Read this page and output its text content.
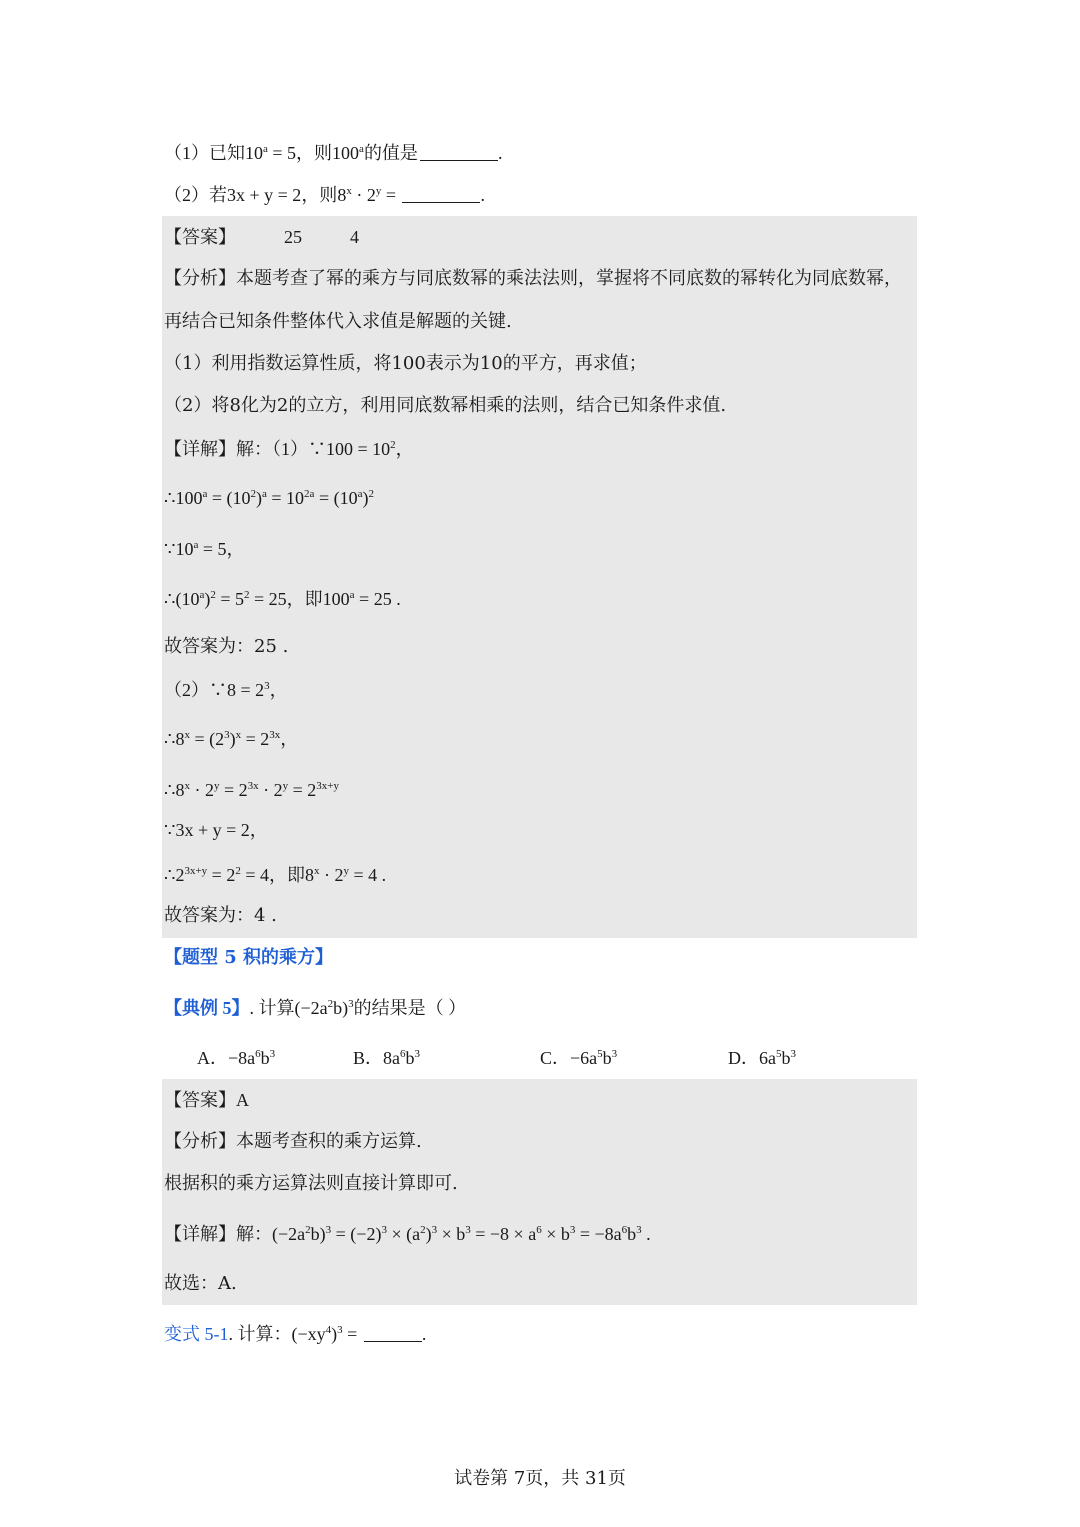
（1）已知$10^a = 5$，则100$^a$的值是	.
（2）若3x + y = 2，则$8^x \cdot 2^y$ =	.
【答案】	25	4
【分析】本题考查了幂的乘方与同底数幂的乘法法则，掌握将不同底数的幂转化为同底数幂，
再结合已知条件整体代入求值是解题的关键.
（1）利用指数运算性质，将100表示为10的平方，再求值；
（2）将8化为2的立方，利用同底数幂相乘的法则，结合已知条件求值.
【详解】解：（1）∵100 = $10^2$，
$\therefore 100^a = (10^2)^a = 10^{2a} = (10^a)^2$
$\because 10^a = 5$，
$\therefore(10^a)^2 = 5^2 = 25$，即$100^a = 25$ .
故答案为：25 .
（2）∵8 = $2^3$，
$\therefore 8^x = (2^3)^x = 2^{3x}$，
$\therefore 8^x \cdot 2^y = 2^{3x} \cdot 2^y = 2^{3x+y}$
∵3x + y = 2，
$\therefore 2^{3x+y} = 2^2 = 4$，即$8^x \cdot 2^y = 4$ .
故答案为：4 .
【题型 5 积的乘方】
【典例 5】. 计算$(-2a^2b)^3$的结果是（ ）
A．$-8a^6b^3$	B．$8a^6b^3$	C．$-6a^5b^3$	D．$6a^5b^3$
【答案】A
【分析】本题考查积的乘方运算.
根据积的乘方运算法则直接计算即可.
【详解】解：$(-2a^2b)^3 = (-2)^3 \times (a^2)^3 \times b^3 = -8 \times a^6 \times b^3 = -8a^6b^3$ .
故选：A.
变式 5-1. 计算：$(-xy^4)^3$ =	.
试卷第 7页，共 31页
